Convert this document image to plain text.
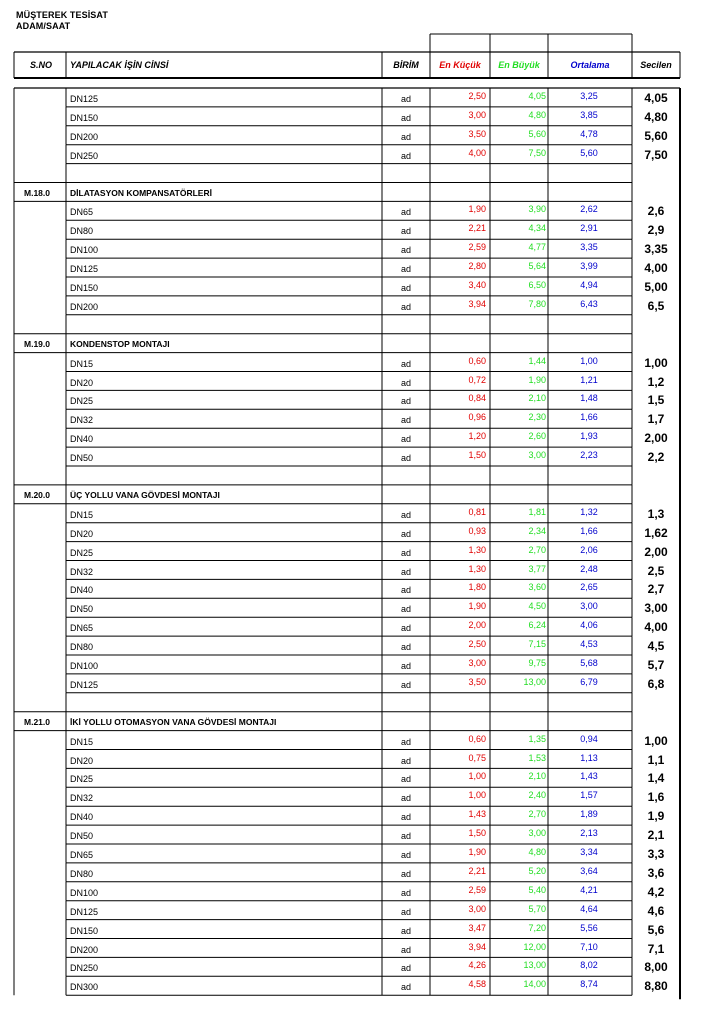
MÜŞTEREK TESİSAT
ADAM/SAAT
S.NO	YAPILACAK İŞİN CİNSİ	BİRİM	En Küçük	En Büyük	Ortalama	Secilen
DN125	ad	2,50	4,05	3,25	4,05
DN150	ad	3,00	4,80	3,85	4,80
DN200	ad	3,50	5,60	4,78	5,60
DN250	ad	4,00	7,50	5,60	7,50
M.18.0 DİLATASYON KOMPANSATÖRLERİ
DN65	ad	1,90	3,90	2,62	2,6
DN80	ad	2,21	4,34	2,91	2,9
DN100	ad	2,59	4,77	3,35	3,35
DN125	ad	2,80	5,64	3,99	4,00
DN150	ad	3,40	6,50	4,94	5,00
DN200	ad	3,94	7,80	6,43	6,5
M.19.0 KONDENSTOP MONTAJI
DN15	ad	0,60	1,44	1,00	1,00
DN20	ad	0,72	1,90	1,21	1,2
DN25	ad	0,84	2,10	1,48	1,5
DN32	ad	0,96	2,30	1,66	1,7
DN40	ad	1,20	2,60	1,93	2,00
DN50	ad	1,50	3,00	2,23	2,2
M.20.0 ÜÇ YOLLU VANA GÖVDESİ MONTAJI
DN15	ad	0,81	1,81	1,32	1,3
DN20	ad	0,93	2,34	1,66	1,62
DN25	ad	1,30	2,70	2,06	2,00
DN32	ad	1,30	3,77	2,48	2,5
DN40	ad	1,80	3,60	2,65	2,7
DN50	ad	1,90	4,50	3,00	3,00
DN65	ad	2,00	6,24	4,06	4,00
DN80	ad	2,50	7,15	4,53	4,5
DN100	ad	3,00	9,75	5,68	5,7
DN125	ad	3,50	13,00	6,79	6,8
M.21.0 İKİ YOLLU OTOMASYON VANA GÖVDESİ MONTAJI
DN15	ad	0,60	1,35	0,94	1,00
DN20	ad	0,75	1,53	1,13	1,1
DN25	ad	1,00	2,10	1,43	1,4
DN32	ad	1,00	2,40	1,57	1,6
DN40	ad	1,43	2,70	1,89	1,9
DN50	ad	1,50	3,00	2,13	2,1
DN65	ad	1,90	4,80	3,34	3,3
DN80	ad	2,21	5,20	3,64	3,6
DN100	ad	2,59	5,40	4,21	4,2
DN125	ad	3,00	5,70	4,64	4,6
DN150	ad	3,47	7,20	5,56	5,6
DN200	ad	3,94	12,00	7,10	7,1
DN250	ad	4,26	13,00	8,02	8,00
DN300	ad	4,58	14,00	8,74	8,80
